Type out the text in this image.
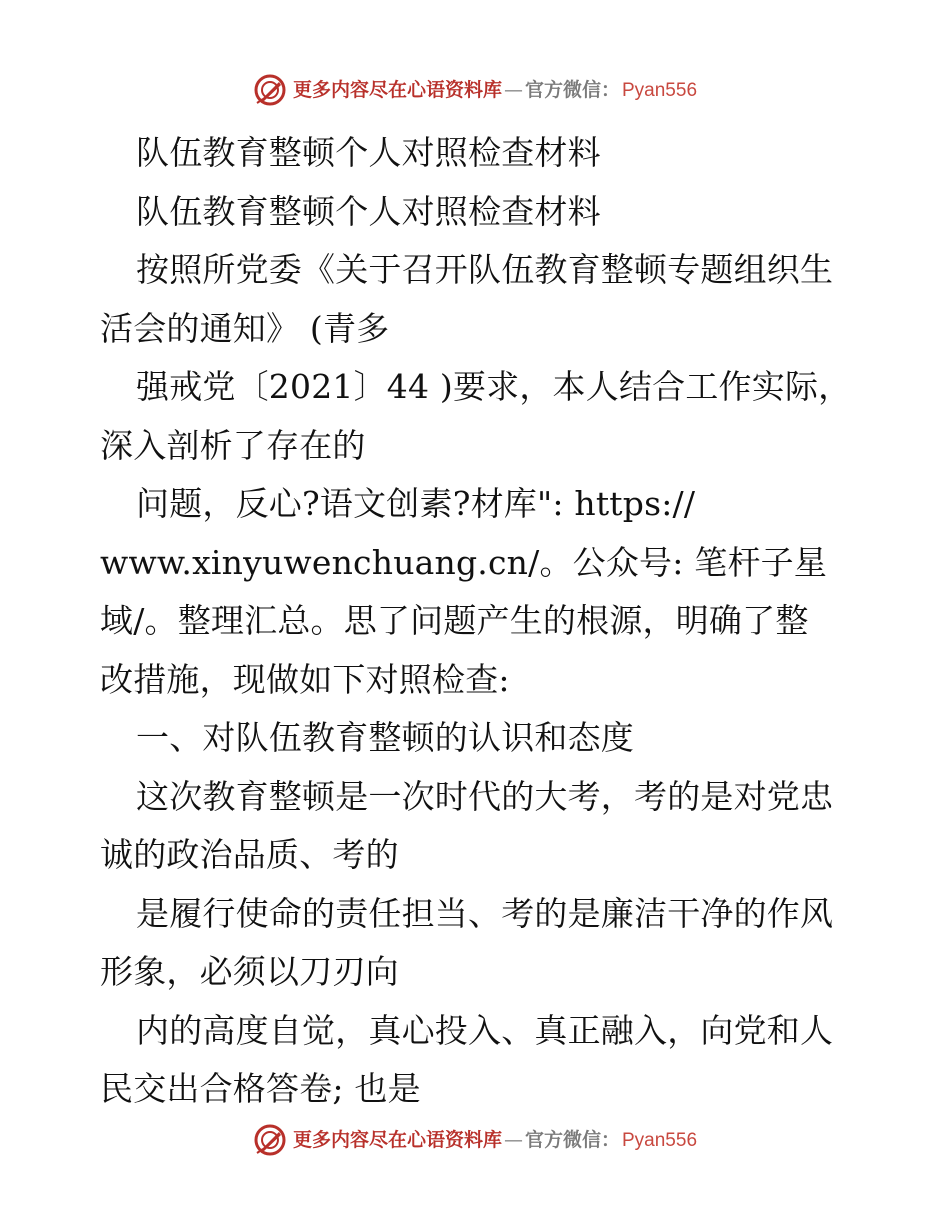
更多内容尽在心语资料库 — 官方微信： Pyan556
队伍教育整顿个人对照检查材料
队伍教育整顿个人对照检查材料
按照所党委《关于召开队伍教育整顿专题组织生
活会的通知》 (青多
强戒党〔2021〕44 )要求，本人结合工作实际，
深入剖析了存在的
问题，反心?语文创素?材库": https://
www.xinyuwenchuang.cn/。公众号: 笔杆子星
域/。整理汇总。思了问题产生的根源，明确了整
改措施，现做如下对照检查:
一、对队伍教育整顿的认识和态度
这次教育整顿是一次时代的大考，考的是对党忠
诚的政治品质、考的
是履行使命的责任担当、考的是廉洁干净的作风
形象，必须以刀刃向
内的高度自觉，真心投入、真正融入，向党和人
民交出合格答卷; 也是
更多内容尽在心语资料库 — 官方微信： Pyan556
